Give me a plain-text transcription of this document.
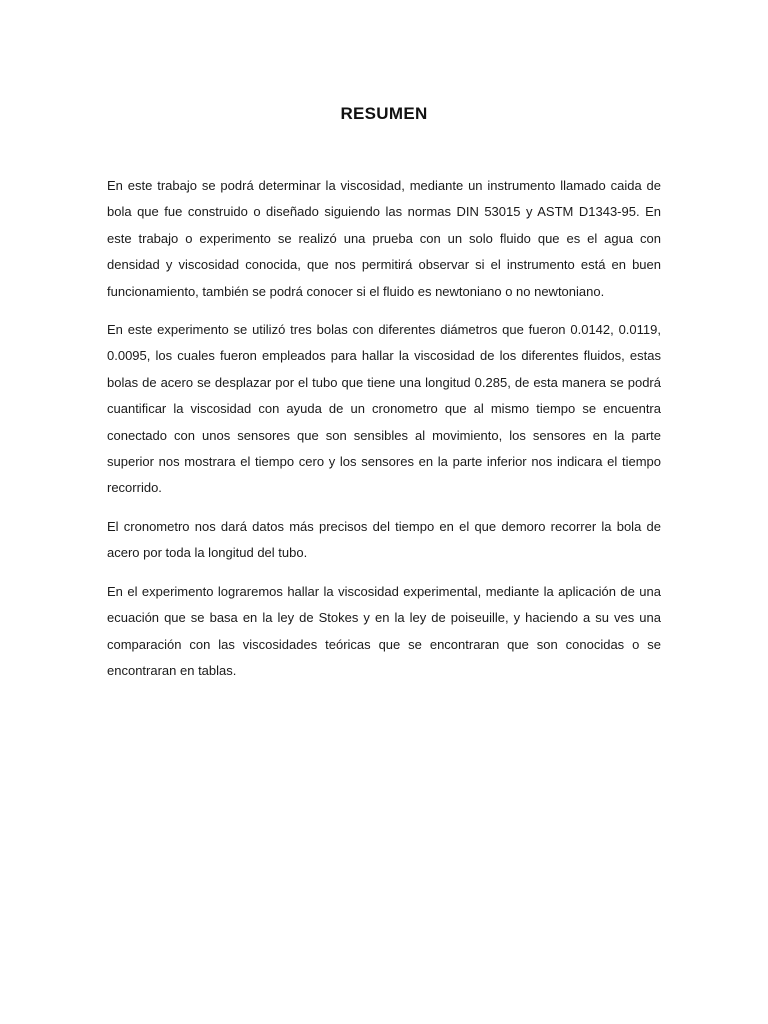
RESUMEN

En este trabajo se podrá determinar la viscosidad, mediante un instrumento llamado caida de bola que fue construido o diseñado siguiendo las normas DIN 53015 y ASTM D1343-95. En este trabajo o experimento se realizó una prueba con un solo fluido que es el agua con densidad y viscosidad conocida, que nos permitirá observar si el instrumento está en buen funcionamiento, también se podrá conocer si el fluido es newtoniano o no newtoniano.

En este experimento se utilizó tres bolas con diferentes diámetros que fueron 0.0142, 0.0119, 0.0095, los cuales fueron empleados para hallar la viscosidad de los diferentes fluidos, estas bolas de acero se desplazar por el tubo que tiene una longitud 0.285, de esta manera se podrá cuantificar la viscosidad con ayuda de un cronometro que al mismo tiempo se encuentra conectado con unos sensores que son sensibles al movimiento, los sensores en la parte superior nos mostrara el tiempo cero y los sensores en la parte inferior nos indicara el tiempo recorrido.

El cronometro nos dará datos más precisos del tiempo en el que demoro recorrer la bola de acero por toda la longitud del tubo.

En el experimento lograremos hallar la viscosidad experimental, mediante la aplicación de una ecuación que se basa en la ley de Stokes y en la ley de poiseuille, y haciendo a su ves una comparación con las viscosidades teóricas que se encontraran que son conocidas o se encontraran en tablas.
